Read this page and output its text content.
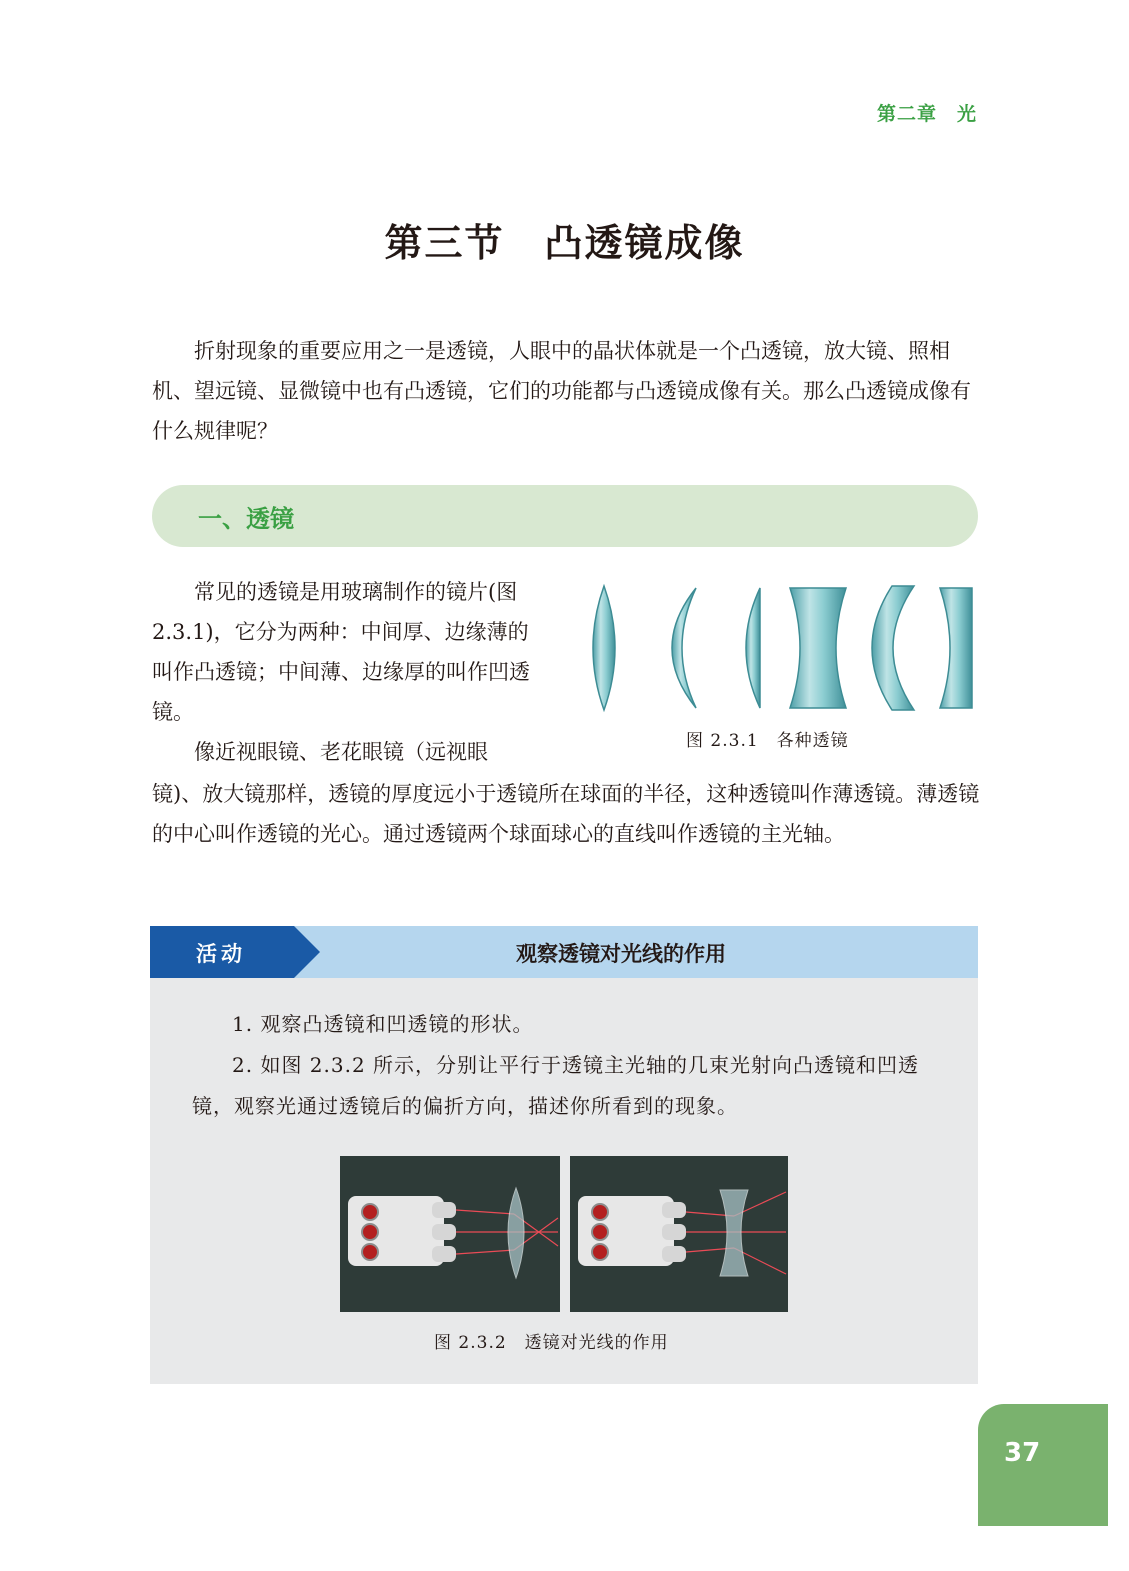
第二章　光
第三节　凸透镜成像

折射现象的重要应用之一是透镜，人眼中的晶状体就是一个凸透镜，放大镜、照相机、望远镜、显微镜中也有凸透镜，它们的功能都与凸透镜成像有关。那么凸透镜成像有什么规律呢？

一、透镜

常见的透镜是用玻璃制作的镜片(图 2.3.1)，它分为两种：中间厚、边缘薄的叫作凸透镜；中间薄、边缘厚的叫作凹透镜。

像近视眼镜、老花眼镜（远视眼	图 2.3.1　各种透镜

镜)、放大镜那样，透镜的厚度远小于透镜所在球面的半径，这种透镜叫作薄透镜。薄透镜的中心叫作透镜的光心。通过透镜两个球面球心的直线叫作透镜的主光轴。

活动	观察透镜对光线的作用

1. 观察凸透镜和凹透镜的形状。

2. 如图 2.3.2 所示，分别让平行于透镜主光轴的几束光射向凸透镜和凹透镜，观察光通过透镜后的偏折方向，描述你所看到的现象。

图 2.3.2　透镜对光线的作用
37
